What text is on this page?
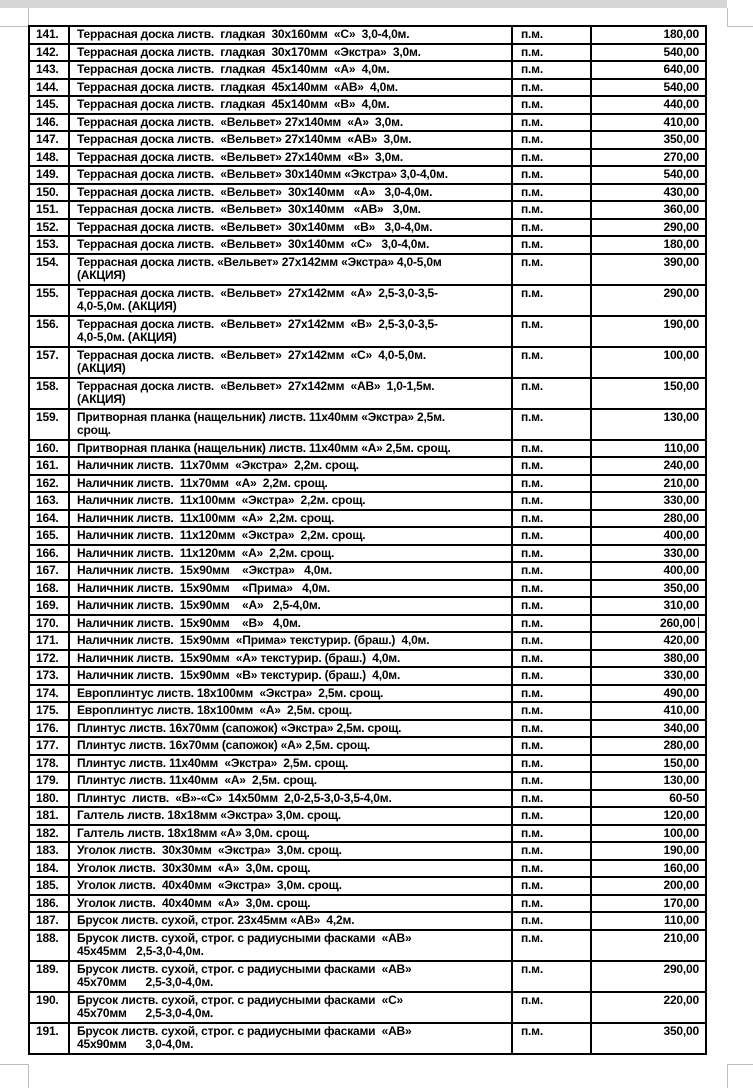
141.	Террасная доска листв.  гладкая  30х160мм  «С»  3,0-4,0м.	п.м.	180,00
142.	Террасная доска листв.  гладкая  30х170мм  «Экстра»  3,0м.	п.м.	540,00
143.	Террасная доска листв.  гладкая  45х140мм  «А»  4,0м.	п.м.	640,00
144.	Террасная доска листв.  гладкая  45х140мм  «АВ»  4,0м.	п.м.	540,00
145.	Террасная доска листв.  гладкая  45х140мм  «В»  4,0м.	п.м.	440,00
146.	Террасная доска листв.  «Вельвет» 27х140мм  «А»  3,0м.	п.м.	410,00
147.	Террасная доска листв.  «Вельвет» 27х140мм  «АВ»  3,0м.	п.м.	350,00
148.	Террасная доска листв.  «Вельвет» 27х140мм  «В»  3,0м.	п.м.	270,00
149.	Террасная доска листв.  «Вельвет» 30х140мм «Экстра» 3,0-4,0м.	п.м.	540,00
150.	Террасная доска листв.  «Вельвет»  30х140мм   «А»   3,0-4,0м.	п.м.	430,00
151.	Террасная доска листв.  «Вельвет»  30х140мм   «АВ»   3,0м.	п.м.	360,00
152.	Террасная доска листв.  «Вельвет»  30х140мм   «В»   3,0-4,0м.	п.м.	290,00
153.	Террасная доска листв.  «Вельвет»  30х140мм  «С»   3,0-4,0м.	п.м.	180,00
154.	Террасная доска листв. «Вельвет» 27х142мм «Экстра» 4,0-5,0м
(АКЦИЯ)	п.м.	390,00
155.	Террасная доска листв.  «Вельвет»  27х142мм  «А»  2,5-3,0-3,5-
4,0-5,0м. (АКЦИЯ)	п.м.	290,00
156.	Террасная доска листв.  «Вельвет»  27х142мм  «В»  2,5-3,0-3,5-
4,0-5,0м. (АКЦИЯ)	п.м.	190,00
157.	Террасная доска листв.  «Вельвет»  27х142мм  «С»  4,0-5,0м.
(АКЦИЯ)	п.м.	100,00
158.	Террасная доска листв.  «Вельвет»  27х142мм  «АВ»  1,0-1,5м.
(АКЦИЯ)	п.м.	150,00
159.	Притворная планка (нащельник) листв. 11х40мм «Экстра» 2,5м.
срощ.	п.м.	130,00
160.	Притворная планка (нащельник) листв. 11х40мм «А» 2,5м. срощ.	п.м.	110,00
161.	Наличник листв.  11х70мм  «Экстра»  2,2м. срощ.	п.м.	240,00
162.	Наличник листв.  11х70мм  «А»  2,2м. срощ.	п.м.	210,00
163.	Наличник листв.  11х100мм  «Экстра»  2,2м. срощ.	п.м.	330,00
164.	Наличник листв.  11х100мм  «А»  2,2м. срощ.	п.м.	280,00
165.	Наличник листв.  11х120мм  «Экстра»  2,2м. срощ.	п.м.	400,00
166.	Наличник листв.  11х120мм  «А»  2,2м. срощ.	п.м.	330,00
167.	Наличник листв.  15х90мм    «Экстра»   4,0м.	п.м.	400,00
168.	Наличник листв.  15х90мм    «Прима»   4,0м.	п.м.	350,00
169.	Наличник листв.  15х90мм    «А»   2,5-4,0м.	п.м.	310,00
170.	Наличник листв.  15х90мм    «В»   4,0м.	п.м.	260,00
171.	Наличник листв.  15х90мм  «Прима» текстурир. (браш.)  4,0м.	п.м.	420,00
172.	Наличник листв.  15х90мм  «А» текстурир. (браш.)  4,0м.	п.м.	380,00
173.	Наличник листв.  15х90мм  «В» текстурир. (браш.)  4,0м.	п.м.	330,00
174.	Европлинтус листв. 18х100мм  «Экстра»  2,5м. срощ.	п.м.	490,00
175.	Европлинтус листв. 18х100мм  «А»  2,5м. срощ.	п.м.	410,00
176.	Плинтус листв. 16х70мм (сапожок) «Экстра» 2,5м. срощ.	п.м.	340,00
177.	Плинтус листв. 16х70мм (сапожок) «А» 2,5м. срощ.	п.м.	280,00
178.	Плинтус листв. 11х40мм  «Экстра»  2,5м. срощ.	п.м.	150,00
179.	Плинтус листв. 11х40мм  «А»  2,5м. срощ.	п.м.	130,00
180.	Плинтус  листв.  «В»-«С»  14х50мм  2,0-2,5-3,0-3,5-4,0м.	п.м.	60-50
181.	Галтель листв. 18х18мм «Экстра» 3,0м. срощ.	п.м.	120,00
182.	Галтель листв. 18х18мм «А» 3,0м. срощ.	п.м.	100,00
183.	Уголок листв.  30х30мм  «Экстра»  3,0м. срощ.	п.м.	190,00
184.	Уголок листв.  30х30мм  «А»  3,0м. срощ.	п.м.	160,00
185.	Уголок листв.  40х40мм  «Экстра»  3,0м. срощ.	п.м.	200,00
186.	Уголок листв.  40х40мм  «А»  3,0м. срощ.	п.м.	170,00
187.	Брусок листв. сухой, строг. 23х45мм «АВ»  4,2м.	п.м.	110,00
188.	Брусок листв. сухой, строг. с радиусными фасками  «АВ»
45х45мм   2,5-3,0-4,0м.	п.м.	210,00
189.	Брусок листв. сухой, строг. с радиусными фасками  «АВ»
45х70мм      2,5-3,0-4,0м.	п.м.	290,00
190.	Брусок листв. сухой, строг. с радиусными фасками  «С»
45х70мм      2,5-3,0-4,0м.	п.м.	220,00
191.	Брусок листв. сухой, строг. с радиусными фасками  «АВ»
45х90мм      3,0-4,0м.	п.м.	350,00
